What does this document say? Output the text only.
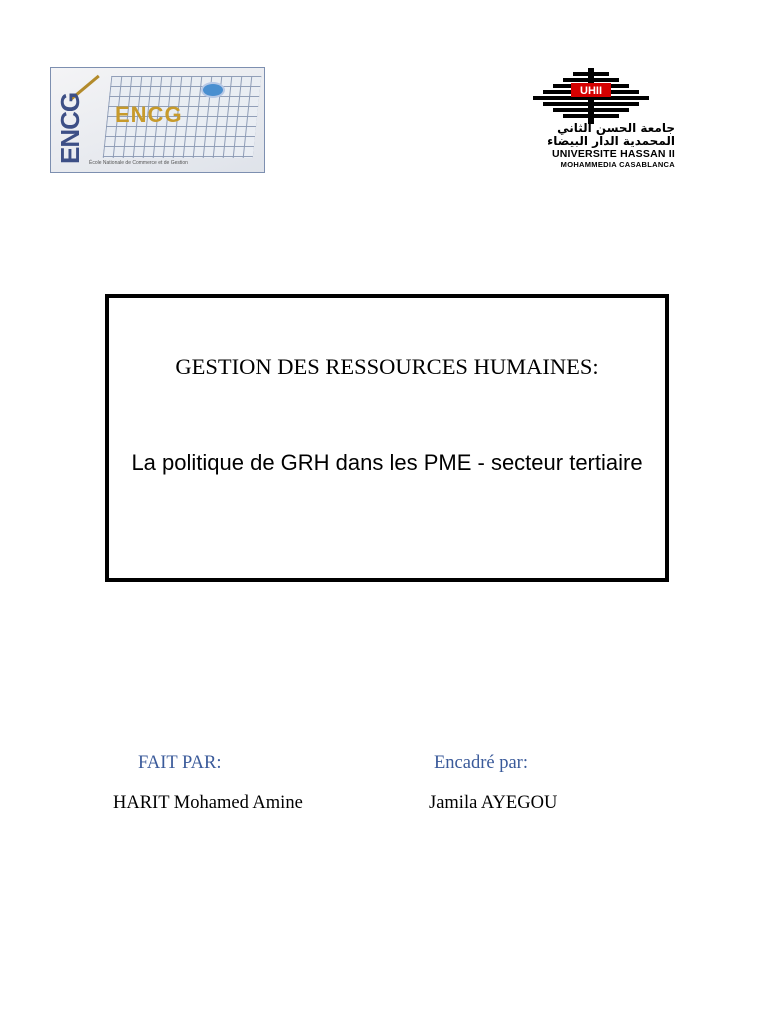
ENCG ENCG
École Nationale de Commerce et de Gestion
UHII
جامعة الحسن الثاني
المحمدية الدار البيضاء
UNIVERSITE HASSAN II
MOHAMMEDIA CASABLANCA
GESTION DES RESSOURCES HUMAINES:
La politique de GRH dans les PME - secteur tertiaire
FAIT PAR:
HARIT Mohamed Amine
Encadré par:
Jamila AYEGOU
